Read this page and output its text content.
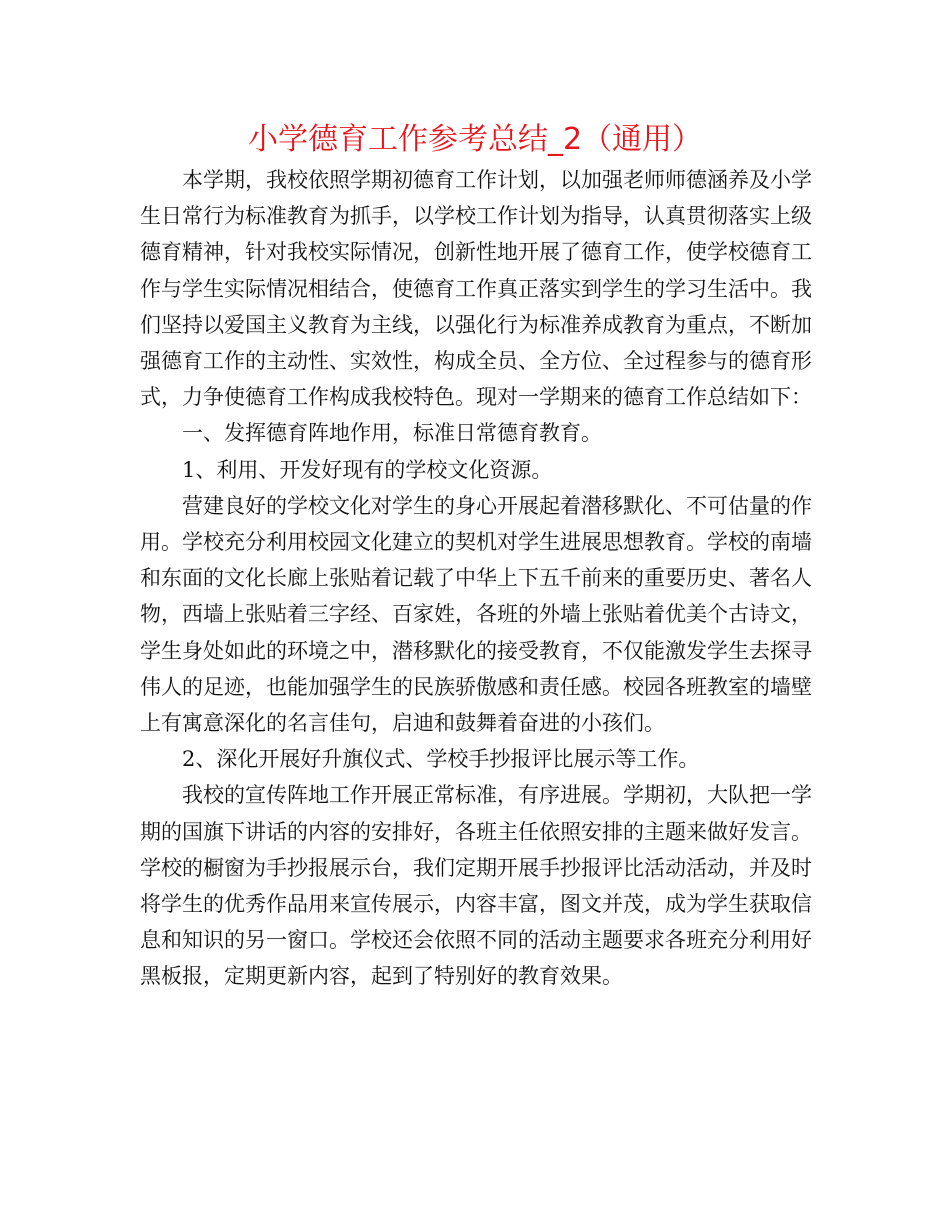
小学德育工作参考总结_2（通用）

本学期，我校依照学期初德育工作计划，以加强老师师德涵养及小学生日常行为标准教育为抓手，以学校工作计划为指导，认真贯彻落实上级德育精神，针对我校实际情况，创新性地开展了德育工作，使学校德育工作与学生实际情况相结合，使德育工作真正落实到学生的学习生活中。我们坚持以爱国主义教育为主线，以强化行为标准养成教育为重点，不断加强德育工作的主动性、实效性，构成全员、全方位、全过程参与的德育形式，力争使德育工作构成我校特色。现对一学期来的德育工作总结如下：

一、发挥德育阵地作用，标准日常德育教育。

1、利用、开发好现有的学校文化资源。

营建良好的学校文化对学生的身心开展起着潜移默化、不可估量的作用。学校充分利用校园文化建立的契机对学生进展思想教育。学校的南墙和东面的文化长廊上张贴着记载了中华上下五千前来的重要历史、著名人物，西墙上张贴着三字经、百家姓，各班的外墙上张贴着优美个古诗文，学生身处如此的环境之中，潜移默化的接受教育，不仅能激发学生去探寻伟人的足迹，也能加强学生的民族骄傲感和责任感。校园各班教室的墙壁上有寓意深化的名言佳句，启迪和鼓舞着奋进的小孩们。

2、深化开展好升旗仪式、学校手抄报评比展示等工作。

我校的宣传阵地工作开展正常标准，有序进展。学期初，大队把一学期的国旗下讲话的内容的安排好，各班主任依照安排的主题来做好发言。学校的橱窗为手抄报展示台，我们定期开展手抄报评比活动活动，并及时将学生的优秀作品用来宣传展示，内容丰富，图文并茂，成为学生获取信息和知识的另一窗口。学校还会依照不同的活动主题要求各班充分利用好黑板报，定期更新内容，起到了特别好的教育效果。
